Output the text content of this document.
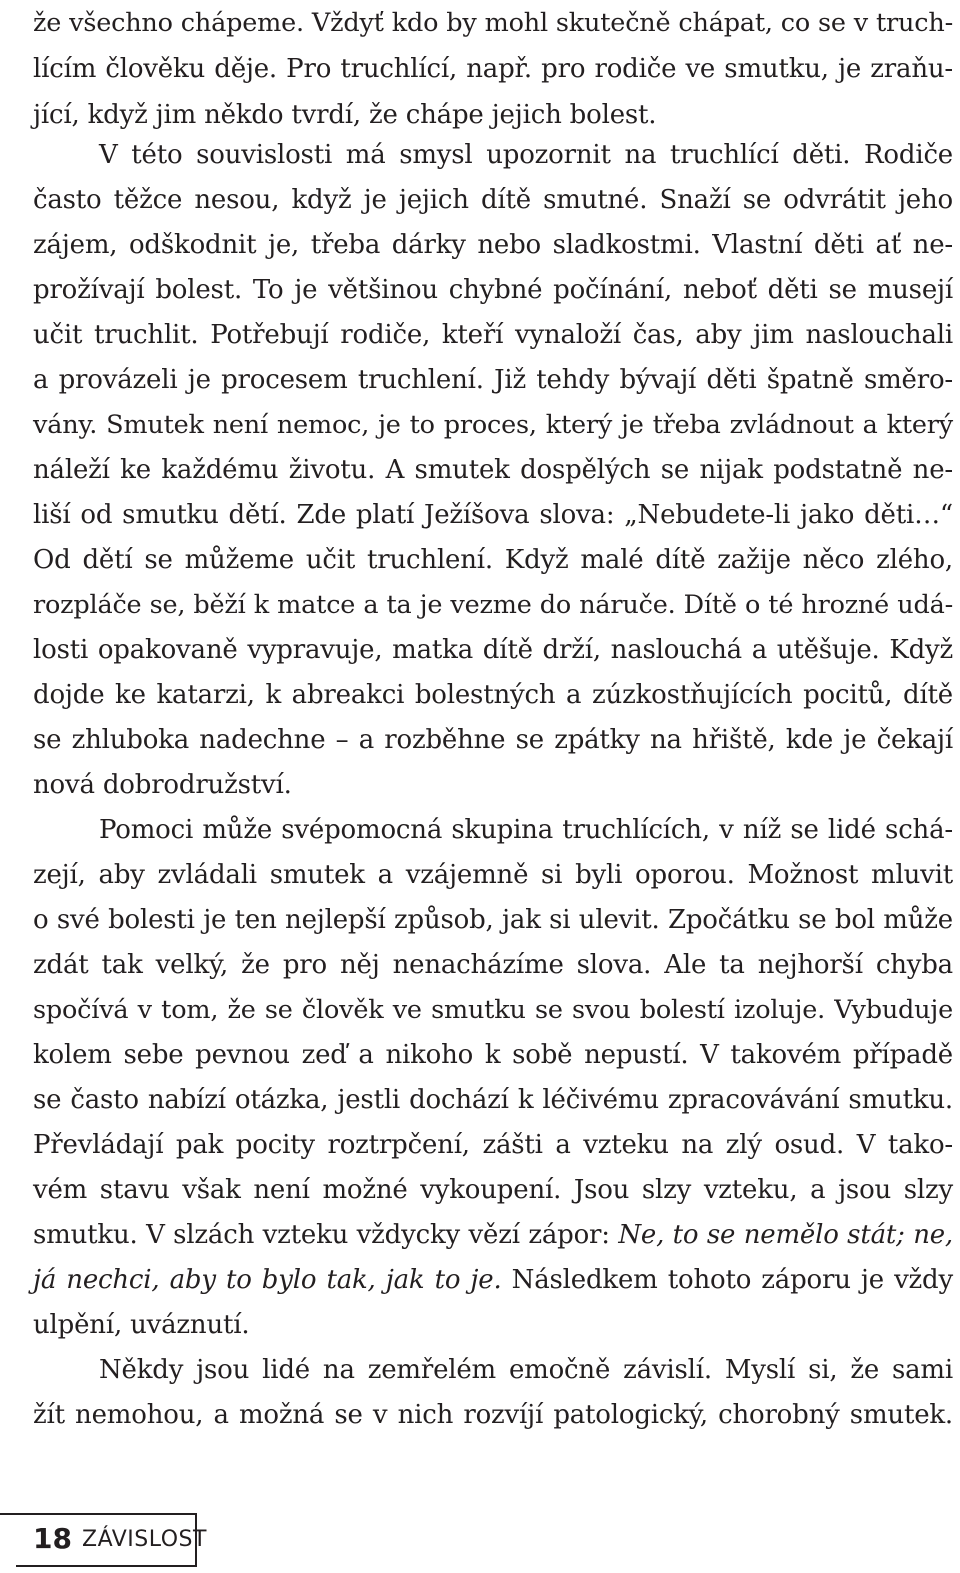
že všechno chápeme. Vždyť kdo by mohl skutečně chápat, co se v truch-
lícím člověku děje. Pro truchlící, např. pro rodiče ve smutku, je zraňu-
jící, když jim někdo tvrdí, že chápe jejich bolest.
V této souvislosti má smysl upozornit na truchlící děti. Rodiče
často těžce nesou, když je jejich dítě smutné. Snaží se odvrátit jeho
zájem, odškodnit je, třeba dárky nebo sladkostmi. Vlastní děti ať ne-
prožívají bolest. To je většinou chybné počínání, neboť děti se musejí
učit truchlit. Potřebují rodiče, kteří vynaloží čas, aby jim naslouchali
a provázeli je procesem truchlení. Již tehdy bývají děti špatně směro-
vány. Smutek není nemoc, je to proces, který je třeba zvládnout a který
náleží ke každému životu. A smutek dospělých se nijak podstatně ne-
liší od smutku dětí. Zde platí Ježíšova slova: „Nebudete-li jako děti…“
Od dětí se můžeme učit truchlení. Když malé dítě zažije něco zlého,
rozpláče se, běží k matce a ta je vezme do náruče. Dítě o té hrozné udá-
losti opakovaně vypravuje, matka dítě drží, naslouchá a utěšuje. Když
dojde ke katarzi, k abreakci bolestných a zúzkostňujících pocitů, dítě
se zhluboka nadechne – a rozběhne se zpátky na hřiště, kde je čekají
nová dobrodružství.
Pomoci může svépomocná skupina truchlících, v níž se lidé schá-
zejí, aby zvládali smutek a vzájemně si byli oporou. Možnost mluvit
o své bolesti je ten nejlepší způsob, jak si ulevit. Zpočátku se bol může
zdát tak velký, že pro něj nenacházíme slova. Ale ta nejhorší chyba
spočívá v tom, že se člověk ve smutku se svou bolestí izoluje. Vybuduje
kolem sebe pevnou zeď a nikoho k sobě nepustí. V takovém případě
se často nabízí otázka, jestli dochází k léčivému zpracovávání smutku.
Převládají pak pocity roztrpčení, zášti a vzteku na zlý osud. V tako-
vém stavu však není možné vykoupení. Jsou slzy vzteku, a jsou slzy
smutku. V slzách vzteku vždycky vězí zápor: Ne, to se nemělo stát; ne,
já nechci, aby to bylo tak, jak to je. Následkem tohoto záporu je vždy
ulpění, uváznutí.
Někdy jsou lidé na zemřelém emočně závislí. Myslí si, že sami
žít nemohou, a možná se v nich rozvíjí patologický, chorobný smutek.
18 ZÁVISLOST
